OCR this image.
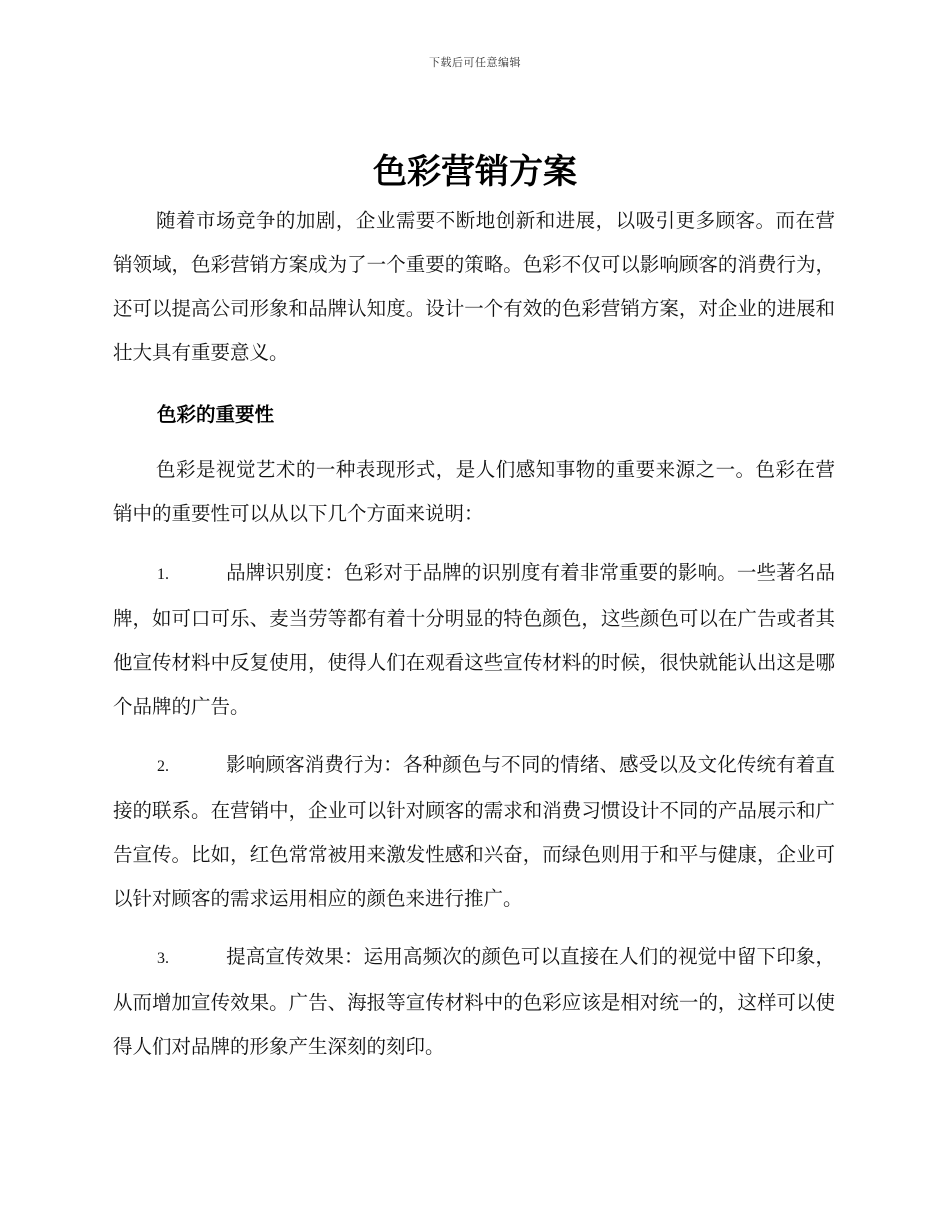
下载后可任意编辑
色彩营销方案

随着市场竞争的加剧，企业需要不断地创新和进展，以吸引更多顾客。而在营销领域，色彩营销方案成为了一个重要的策略。色彩不仅可以影响顾客的消费行为，还可以提高公司形象和品牌认知度。设计一个有效的色彩营销方案，对企业的进展和壮大具有重要意义。

色彩的重要性

色彩是视觉艺术的一种表现形式，是人们感知事物的重要来源之一。色彩在营销中的重要性可以从以下几个方面来说明：

1.	品牌识别度：色彩对于品牌的识别度有着非常重要的影响。一些著名品牌，如可口可乐、麦当劳等都有着十分明显的特色颜色，这些颜色可以在广告或者其他宣传材料中反复使用，使得人们在观看这些宣传材料的时候，很快就能认出这是哪个品牌的广告。
2.	影响顾客消费行为：各种颜色与不同的情绪、感受以及文化传统有着直接的联系。在营销中，企业可以针对顾客的需求和消费习惯设计不同的产品展示和广告宣传。比如，红色常常被用来激发性感和兴奋，而绿色则用于和平与健康，企业可以针对顾客的需求运用相应的颜色来进行推广。
3.	提高宣传效果：运用高频次的颜色可以直接在人们的视觉中留下印象，从而增加宣传效果。广告、海报等宣传材料中的色彩应该是相对统一的，这样可以使得人们对品牌的形象产生深刻的刻印。
